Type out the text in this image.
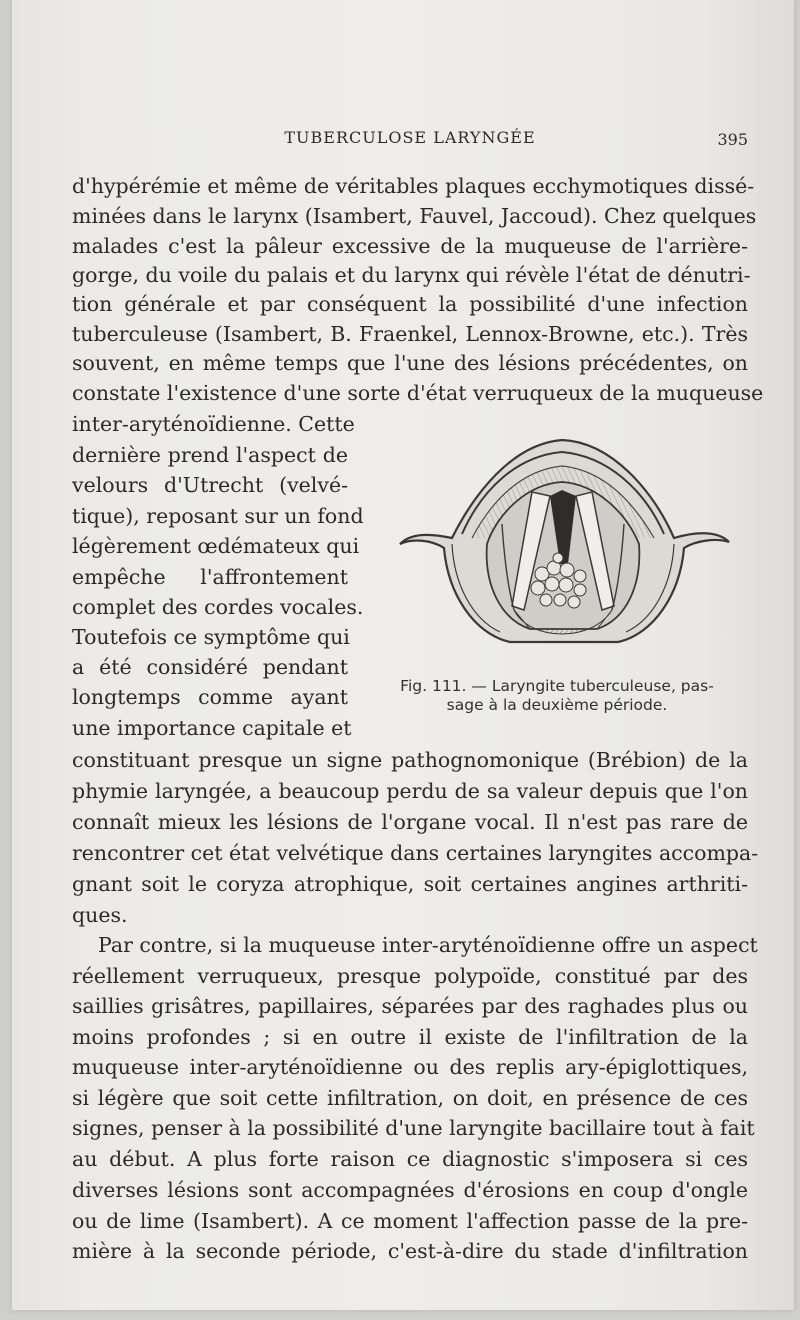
TUBERCULOSE LARYNGÉE	395
d'hypérémie et même de véritables plaques ecchymotiques dissé-
minées dans le larynx (Isambert, Fauvel, Jaccoud). Chez quelques
malades c'est la pâleur excessive de la muqueuse de l'arrière-
gorge, du voile du palais et du larynx qui révèle l'état de dénutri-
tion générale et par conséquent la possibilité d'une infection
tuberculeuse (Isambert, B. Fraenkel, Lennox-Browne, etc.). Très
souvent, en même temps que l'une des lésions précédentes, on
constate l'existence d'une sorte d'état verruqueux de la muqueuse
inter-aryténoïdienne. Cette
dernière prend l'aspect de
velours d'Utrecht (velvé-
tique), reposant sur un fond
légèrement œdémateux qui
empêche l'affrontement
complet des cordes vocales.
Toutefois ce symptôme qui
a été considéré pendant
longtemps comme ayant
une importance capitale et
Fig. 111. — Laryngite tuberculeuse, pas-
sage à la deuxième période.
constituant presque un signe pathognomonique (Brébion) de la
phymie laryngée, a beaucoup perdu de sa valeur depuis que l'on
connaît mieux les lésions de l'organe vocal. Il n'est pas rare de
rencontrer cet état velvétique dans certaines laryngites accompa-
gnant soit le coryza atrophique, soit certaines angines arthriti-
ques.
Par contre, si la muqueuse inter-aryténoïdienne offre un aspect
réellement verruqueux, presque polypoïde, constitué par des
saillies grisâtres, papillaires, séparées par des raghades plus ou
moins profondes ; si en outre il existe de l'infiltration de la
muqueuse inter-aryténoïdienne ou des replis ary-épiglottiques,
si légère que soit cette infiltration, on doit, en présence de ces
signes, penser à la possibilité d'une laryngite bacillaire tout à fait
au début. A plus forte raison ce diagnostic s'imposera si ces
diverses lésions sont accompagnées d'érosions en coup d'ongle
ou de lime (Isambert). A ce moment l'affection passe de la pre-
mière à la seconde période, c'est-à-dire du stade d'infiltration
